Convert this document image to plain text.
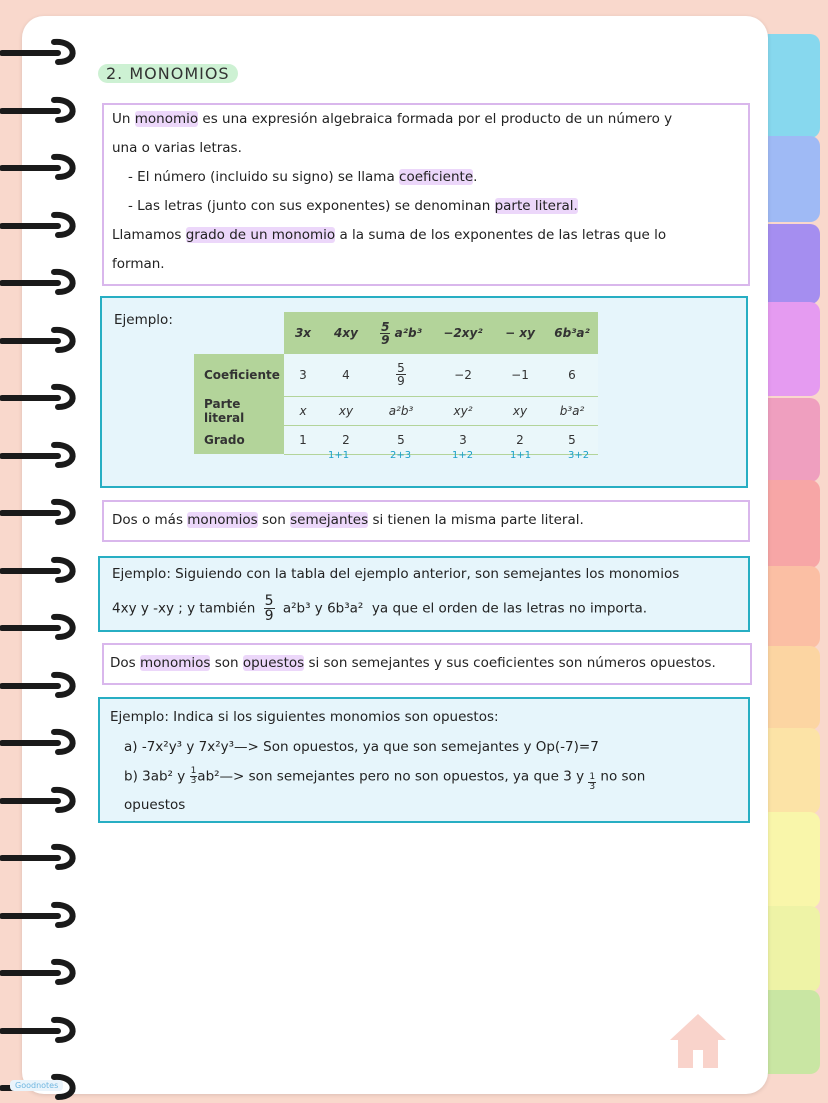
2. MONOMIOS
Un monomio es una expresión algebraica formada por el producto de un número y
una o varias letras.
- El número (incluido su signo) se llama coeficiente.
- Las letras (junto con sus exponentes) se denominan parte literal.
Llamamos grado de un monomio a la suma de los exponentes de las letras que lo
forman.
Ejemplo:
	3x	4xy	$\frac{5}{9} a^2b^3$	−2xy²	− xy	6b³a²
Coeficiente	3	4	$\frac{5}{9}$	−2	−1	6
Parte literal	x	xy	a²b³	xy²	xy	b³a²
Grado	1	2	5	3	2	5
1+1	2+3	1+2	1+1	3+2
Dos o más monomios son semejantes si tienen la misma parte literal.
Ejemplo: Siguiendo con la tabla del ejemplo anterior, son semejantes los monomios
4xy y -xy ; y también $\frac{5}{9} a^2b^3$ y 6b³a² ya que el orden de las letras no importa.
Dos monomios son opuestos si son semejantes y sus coeficientes son números opuestos.
Ejemplo: Indica si los siguientes monomios son opuestos:
a) -7x²y³ y 7x²y³—> Son opuestos, ya que son semejantes y Op(-7)=7
b) 3ab² y $\frac{1}{3}$ ab²—> son semejantes pero no son opuestos, ya que 3 y $\frac{1}{3}$ no son
opuestos
Goodnotes
